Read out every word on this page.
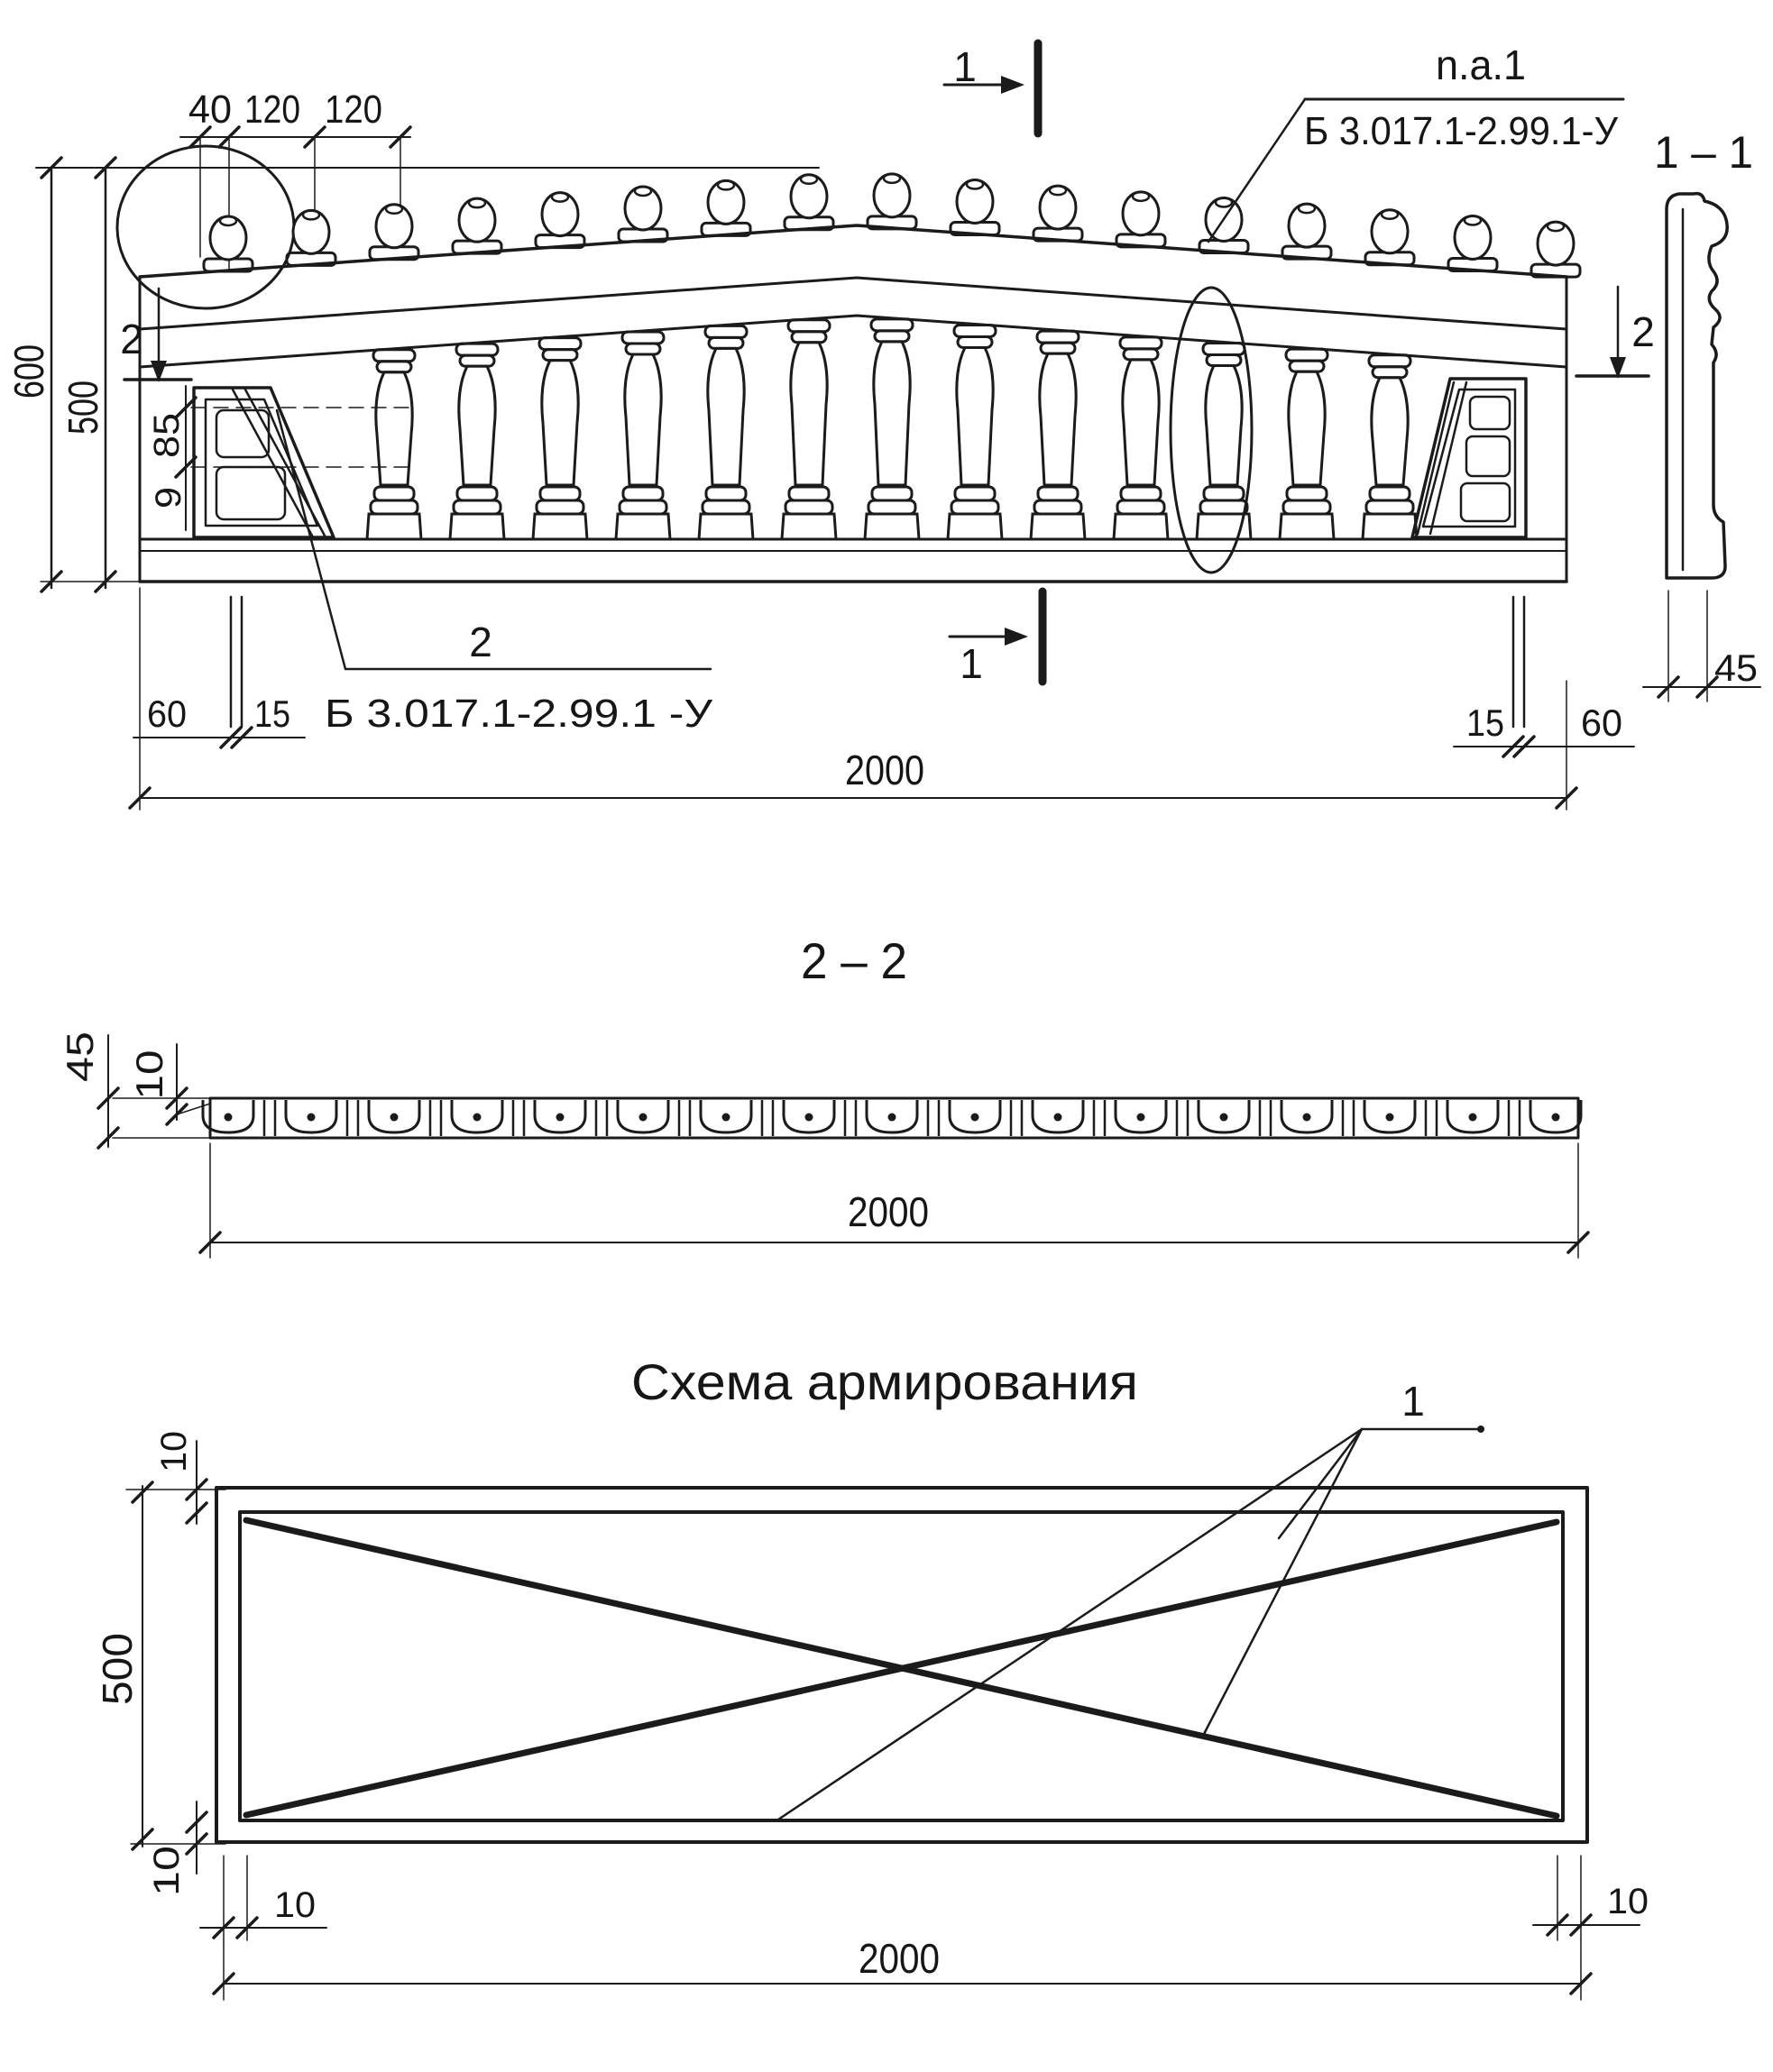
600
500
40 120 120
1
1
2	2
85
9
n.a.1
Б 3.017.1-2.99.1-У 1 – 1
45
60 15	15 60
2000
2
Б 3.017.1-2.99.1 -У
2 – 2
45 10
2000
Схема армирования	1
500
10
10
10	10
2000
